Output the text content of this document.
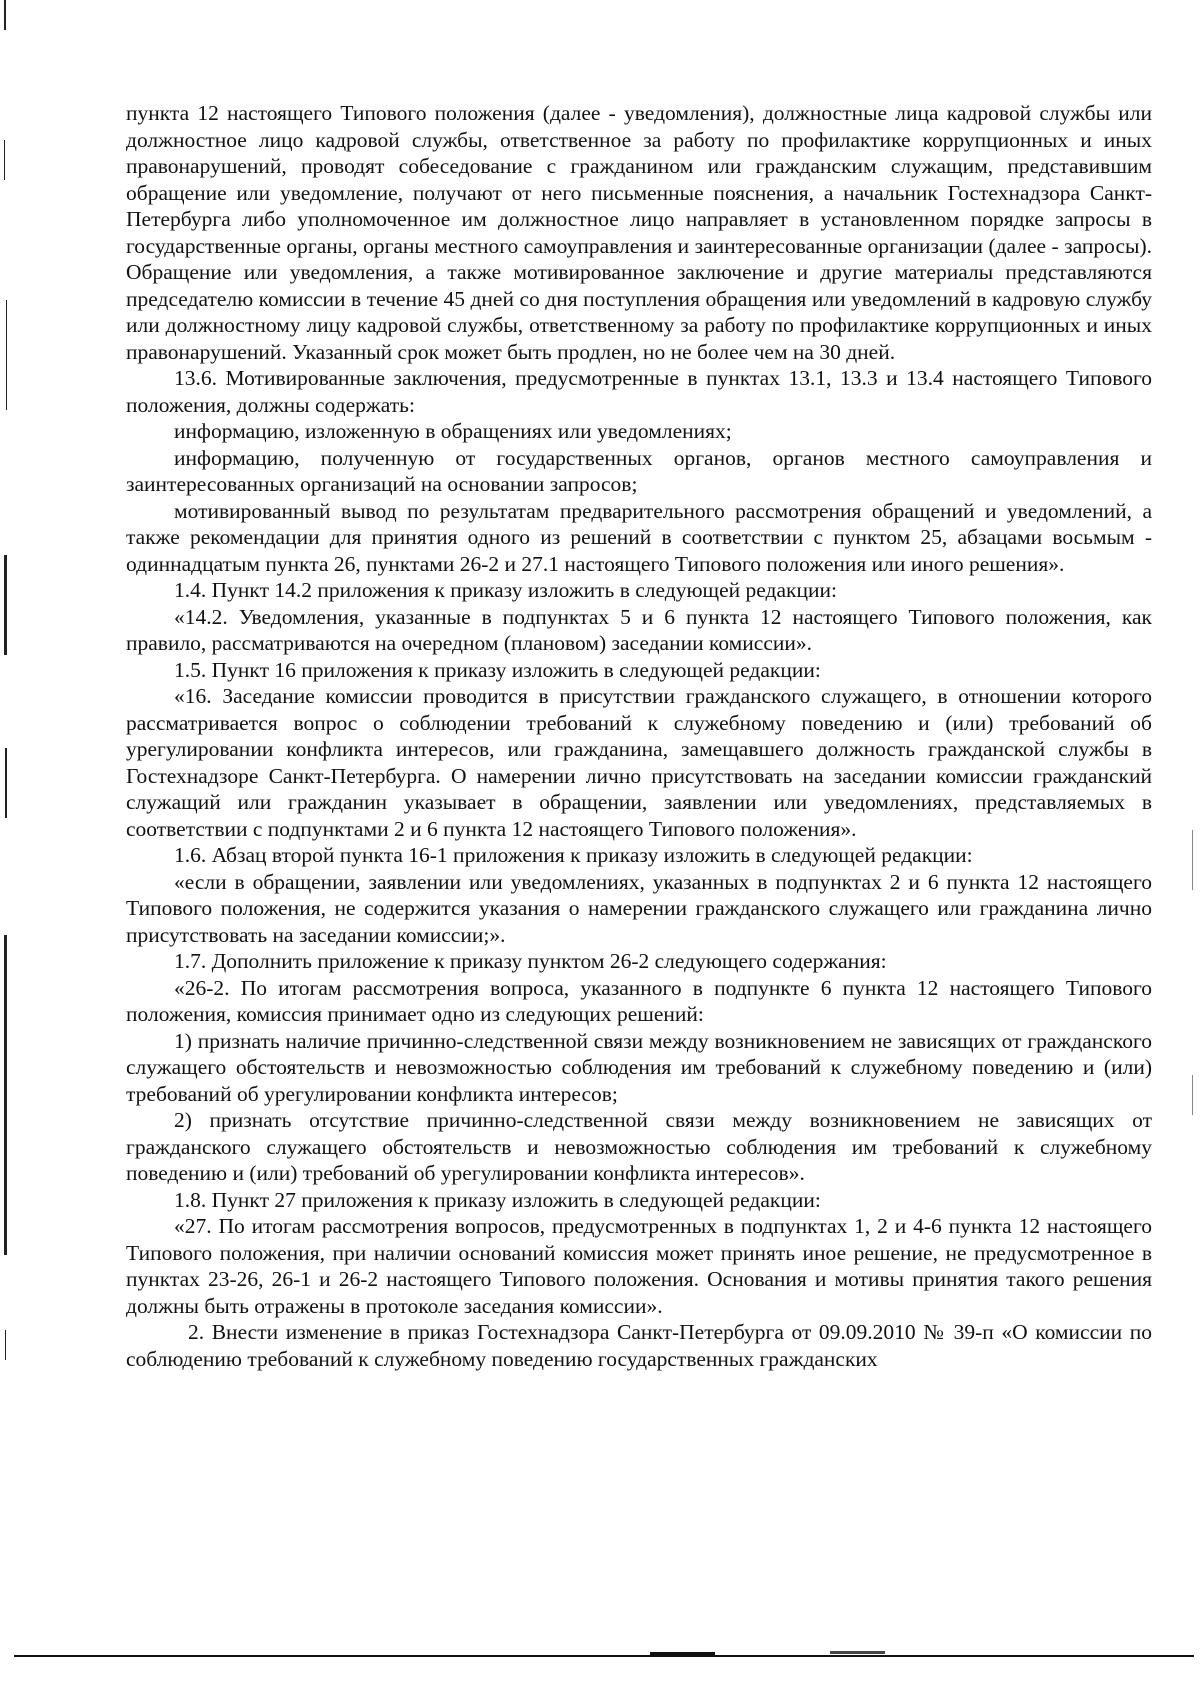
пункта 12 настоящего Типового положения (далее - уведомления), должностные лица кадровой службы или должностное лицо кадровой службы, ответственное за работу по профилактике коррупционных и иных правонарушений, проводят собеседование с гражданином или гражданским служащим, представившим обращение или уведомление, получают от него письменные пояснения, а начальник Гостехнадзора Санкт-Петербурга либо уполномоченное им должностное лицо направляет в установленном порядке запросы в государственные органы, органы местного самоуправления и заинтересованные организации (далее - запросы). Обращение или уведомления, а также мотивированное заключение и другие материалы представляются председателю комиссии в течение 45 дней со дня поступления обращения или уведомлений в кадровую службу или должностному лицу кадровой службы, ответственному за работу по профилактике коррупционных и иных правонарушений. Указанный срок может быть продлен, но не более чем на 30 дней.

13.6. Мотивированные заключения, предусмотренные в пунктах 13.1, 13.3 и 13.4 настоящего Типового положения, должны содержать:

информацию, изложенную в обращениях или уведомлениях;

информацию, полученную от государственных органов, органов местного самоуправления и заинтересованных организаций на основании запросов;

мотивированный вывод по результатам предварительного рассмотрения обращений и уведомлений, а также рекомендации для принятия одного из решений в соответствии с пунктом 25, абзацами восьмым - одиннадцатым пункта 26, пунктами 26-2 и 27.1 настоящего Типового положения или иного решения».

1.4. Пункт 14.2 приложения к приказу изложить в следующей редакции:

«14.2. Уведомления, указанные в подпунктах 5 и 6 пункта 12 настоящего Типового положения, как правило, рассматриваются на очередном (плановом) заседании комиссии».

1.5. Пункт 16 приложения к приказу изложить в следующей редакции:

«16. Заседание комиссии проводится в присутствии гражданского служащего, в отношении которого рассматривается вопрос о соблюдении требований к служебному поведению и (или) требований об урегулировании конфликта интересов, или гражданина, замещавшего должность гражданской службы в Гостехнадзоре Санкт-Петербурга. О намерении лично присутствовать на заседании комиссии гражданский служащий или гражданин указывает в обращении, заявлении или уведомлениях, представляемых в соответствии с подпунктами 2 и 6 пункта 12 настоящего Типового положения».

1.6. Абзац второй пункта 16-1 приложения к приказу изложить в следующей редакции:

«если в обращении, заявлении или уведомлениях, указанных в подпунктах 2 и 6 пункта 12 настоящего Типового положения, не содержится указания о намерении гражданского служащего или гражданина лично присутствовать на заседании комиссии;».

1.7. Дополнить приложение к приказу пунктом 26-2 следующего содержания:

«26-2. По итогам рассмотрения вопроса, указанного в подпункте 6 пункта 12 настоящего Типового положения, комиссия принимает одно из следующих решений:

1) признать наличие причинно-следственной связи между возникновением не зависящих от гражданского служащего обстоятельств и невозможностью соблюдения им требований к служебному поведению и (или) требований об урегулировании конфликта интересов;

2) признать отсутствие причинно-следственной связи между возникновением не зависящих от гражданского служащего обстоятельств и невозможностью соблюдения им требований к служебному поведению и (или) требований об урегулировании конфликта интересов».

1.8. Пункт 27 приложения к приказу изложить в следующей редакции:

«27. По итогам рассмотрения вопросов, предусмотренных в подпунктах 1, 2 и 4-6 пункта 12 настоящего Типового положения, при наличии оснований комиссия может принять иное решение, не предусмотренное в пунктах 23-26, 26-1 и 26-2 настоящего Типового положения. Основания и мотивы принятия такого решения должны быть отражены в протоколе заседания комиссии».

2. Внести изменение в приказ Гостехнадзора Санкт-Петербурга от 09.09.2010 № 39-п «О комиссии по соблюдению требований к служебному поведению государственных гражданских
